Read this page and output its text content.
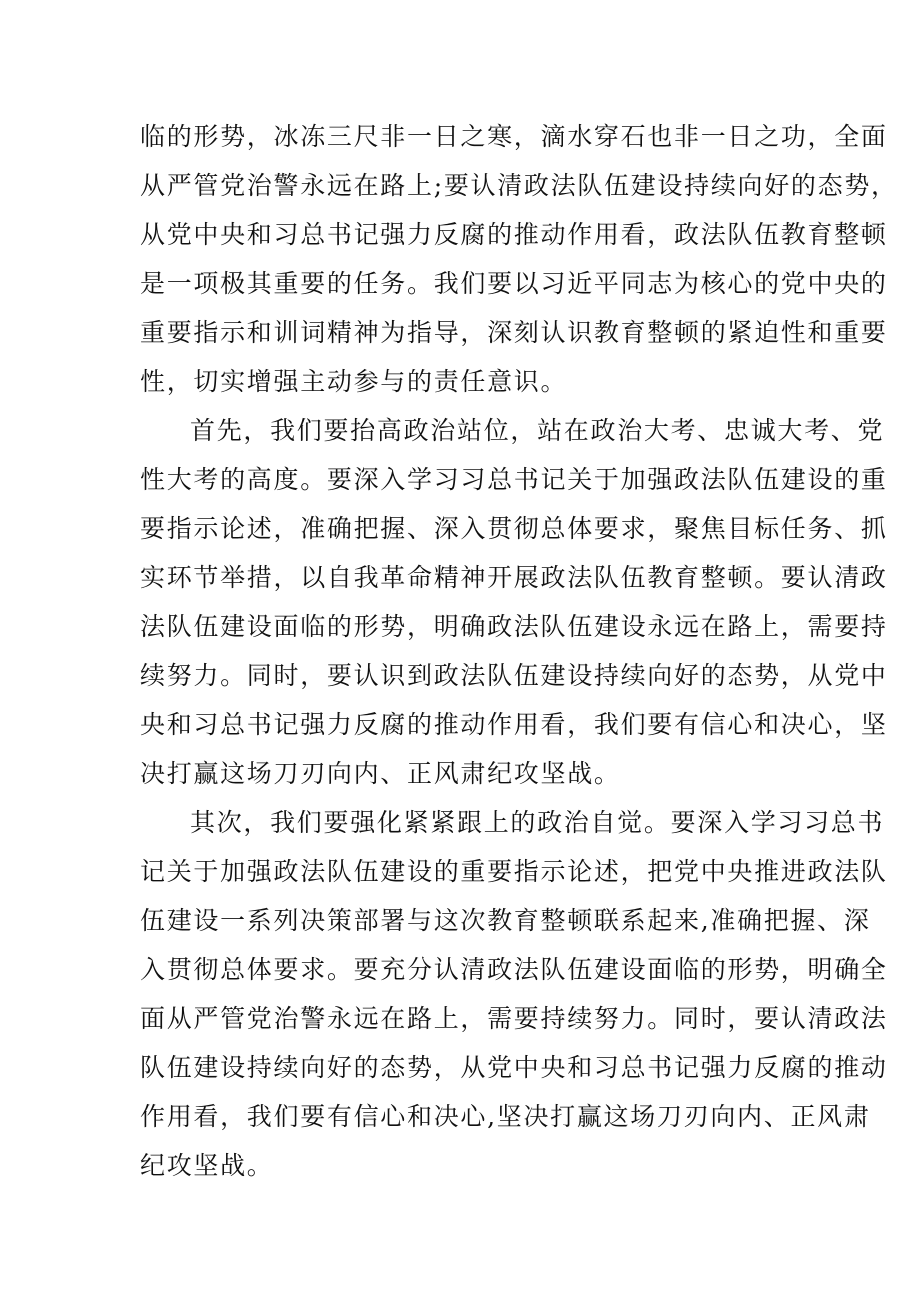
临的形势，冰冻三尺非一日之寒，滴水穿石也非一日之功，全面
从严管党治警永远在路上;要认清政法队伍建设持续向好的态势，
从党中央和习总书记强力反腐的推动作用看，政法队伍教育整顿
是一项极其重要的任务。我们要以习近平同志为核心的党中央的
重要指示和训词精神为指导，深刻认识教育整顿的紧迫性和重要
性，切实增强主动参与的责任意识。
首先，我们要抬高政治站位，站在政治大考、忠诚大考、党
性大考的高度。要深入学习习总书记关于加强政法队伍建设的重
要指示论述，准确把握、深入贯彻总体要求，聚焦目标任务、抓
实环节举措，以自我革命精神开展政法队伍教育整顿。要认清政
法队伍建设面临的形势，明确政法队伍建设永远在路上，需要持
续努力。同时，要认识到政法队伍建设持续向好的态势，从党中
央和习总书记强力反腐的推动作用看，我们要有信心和决心，坚
决打赢这场刀刃向内、正风肃纪攻坚战。
其次，我们要强化紧紧跟上的政治自觉。要深入学习习总书
记关于加强政法队伍建设的重要指示论述，把党中央推进政法队
伍建设一系列决策部署与这次教育整顿联系起来,准确把握、深
入贯彻总体要求。要充分认清政法队伍建设面临的形势，明确全
面从严管党治警永远在路上，需要持续努力。同时，要认清政法
队伍建设持续向好的态势，从党中央和习总书记强力反腐的推动
作用看，我们要有信心和决心,坚决打赢这场刀刃向内、正风肃
纪攻坚战。
